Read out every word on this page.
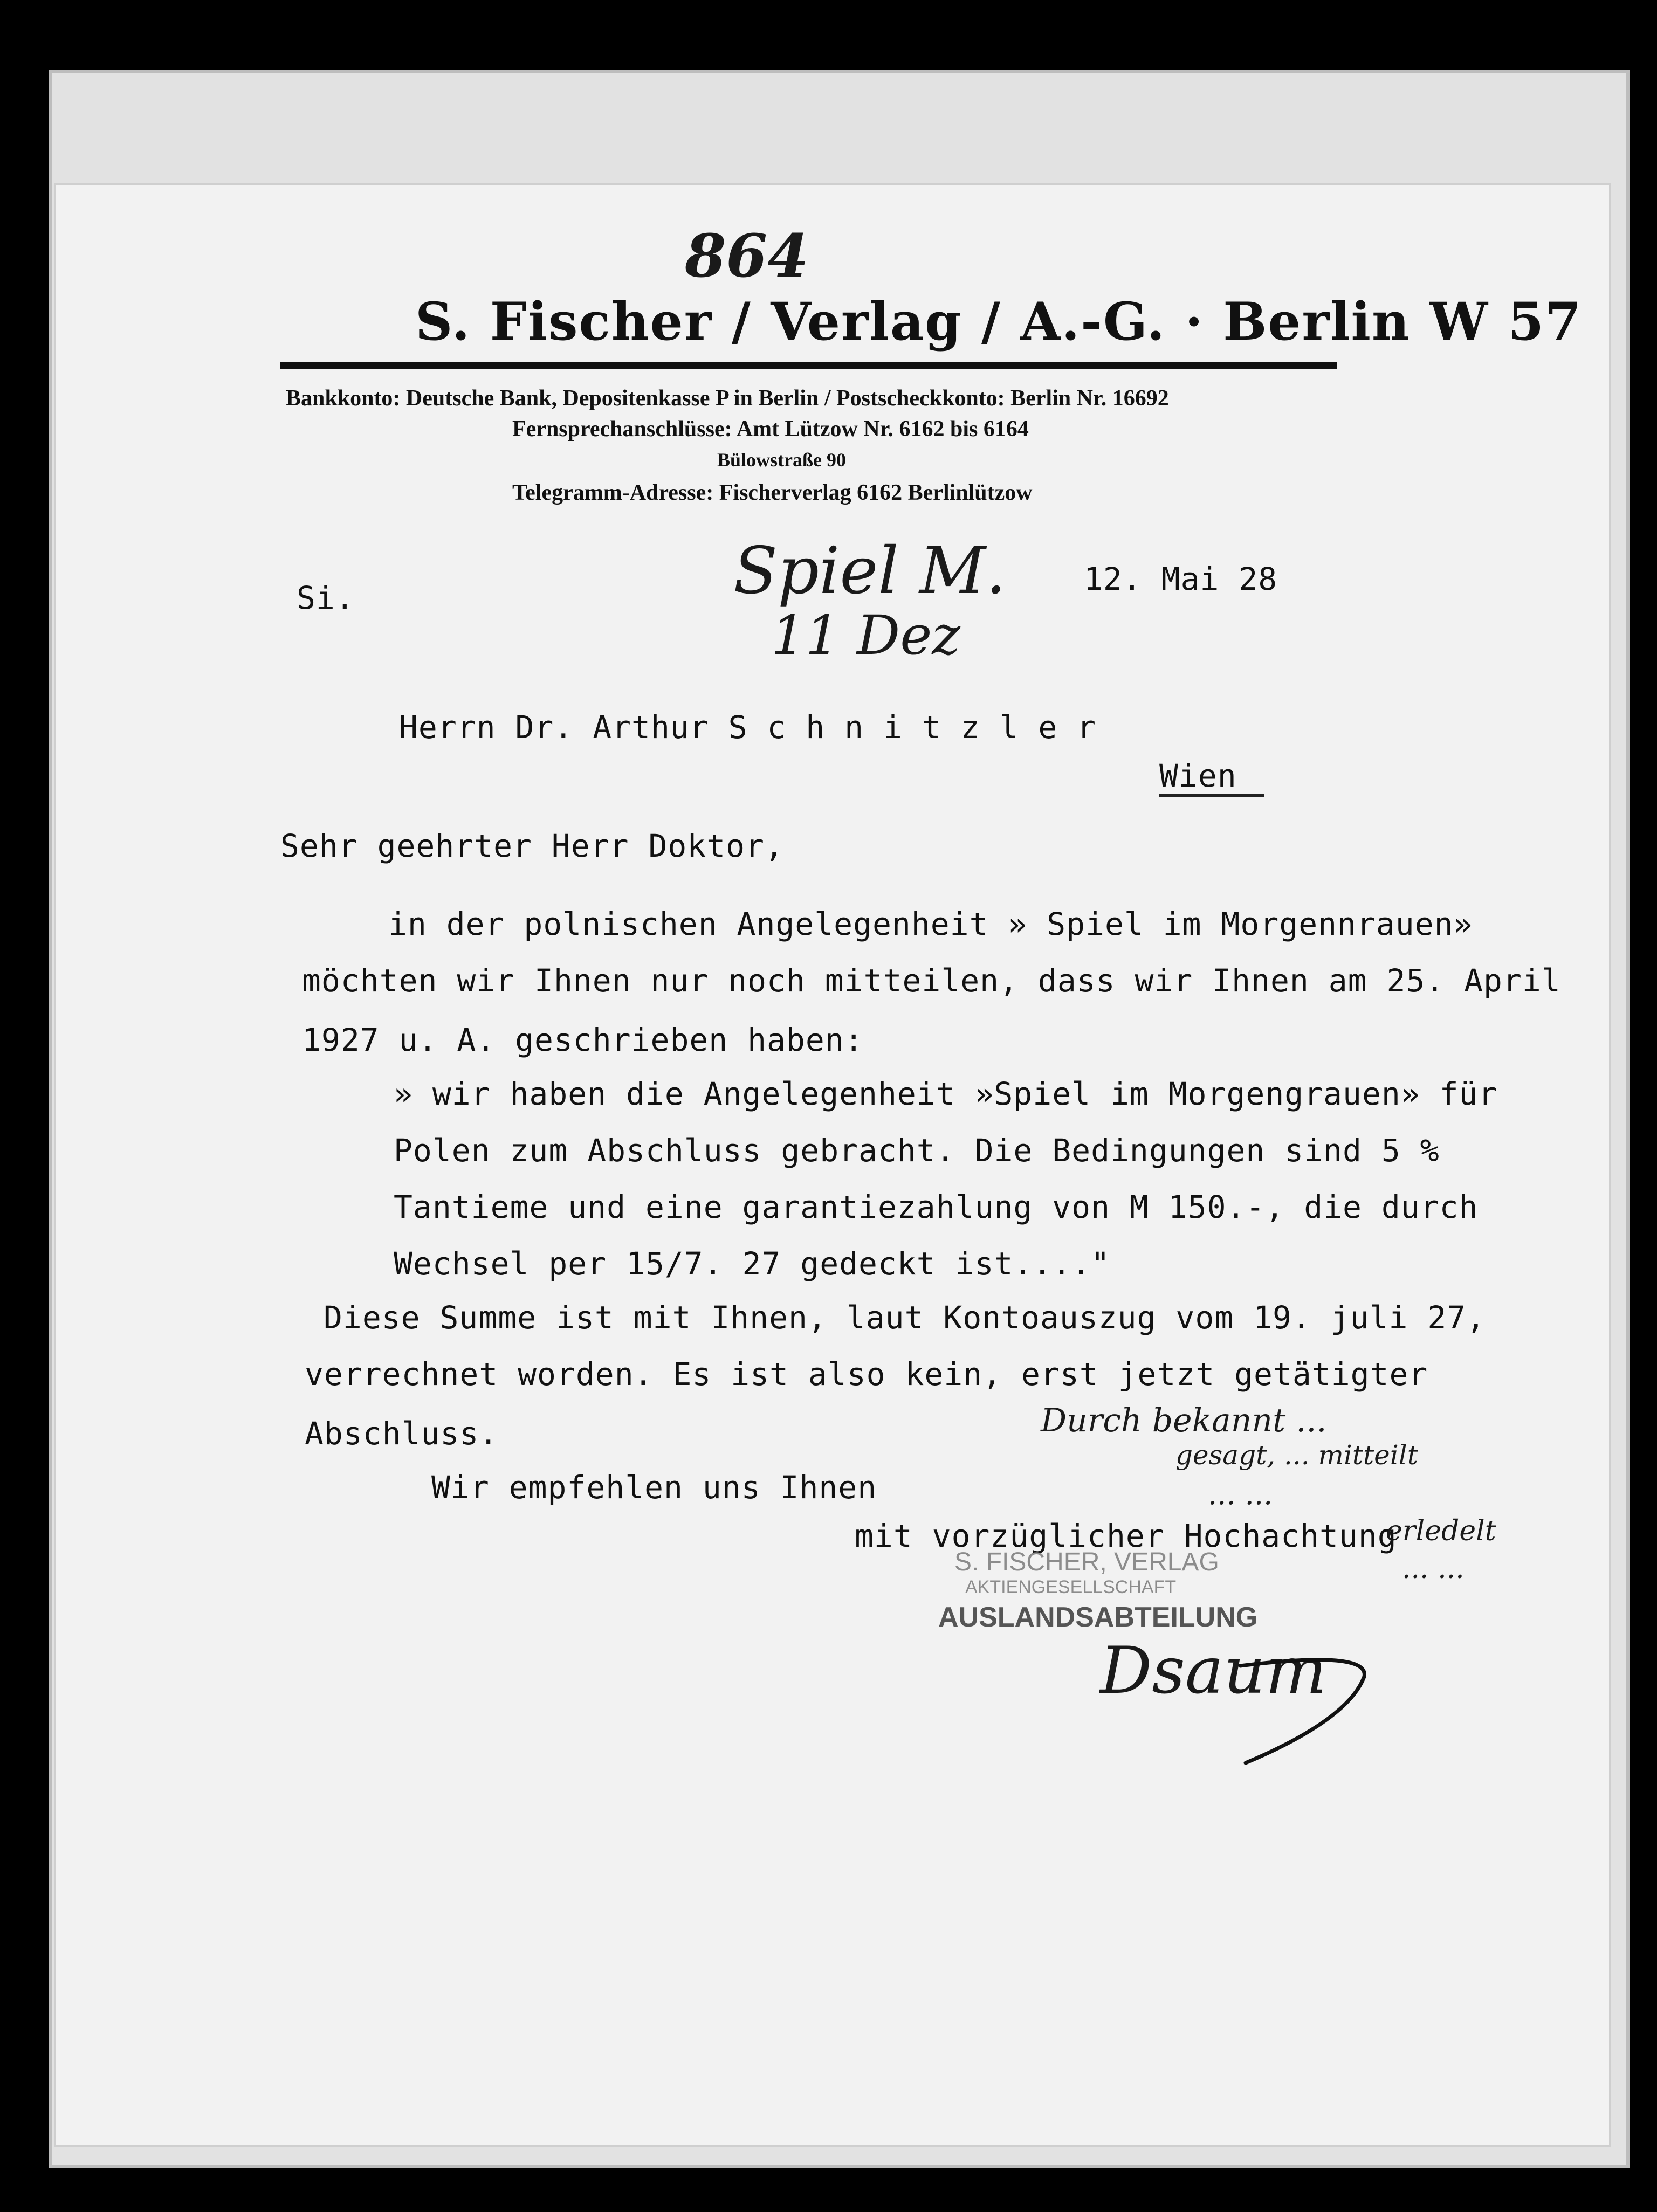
864
S. Fischer / Verlag / A.-G. · Berlin W 57
Bankkonto: Deutsche Bank, Depositenkasse P in Berlin / Postscheckkonto: Berlin Nr. 16692
Fernsprechanschlüsse: Amt Lützow Nr. 6162 bis 6164
Bülowstraße 90
Telegramm-Adresse: Fischerverlag 6162 Berlinlützow
Si.	Spiel M.
11 Dez
12. Mai 28
Herrn Dr. Arthur S c h n i t z l e r
Wien
Sehr geehrter Herr Doktor,
in der polnischen Angelegenheit » Spiel im Morgennrauen»
möchten wir Ihnen nur noch mitteilen, dass wir Ihnen am 25. April
1927 u. A. geschrieben haben:
» wir haben die Angelegenheit »Spiel im Morgengrauen» für
Polen zum Abschluss gebracht. Die Bedingungen sind 5 %
Tantieme und eine garantiezahlung von M 150.-, die durch
Wechsel per 15/7. 27 gedeckt ist...."
Diese Summe ist mit Ihnen, laut Kontoauszug vom 19. juli 27,
verrechnet worden. Es ist also kein, erst jetzt getätigter
Abschluss.
Wir empfehlen uns Ihnen
mit vorzüglicher Hochachtung
Durch bekannt ...
gesagt, ... mitteilt
... ...
erledelt
... ...
S. FISCHER, VERLAG
AKTIENGESELLSCHAFT
AUSLANDSABTEILUNG
Dsaum
